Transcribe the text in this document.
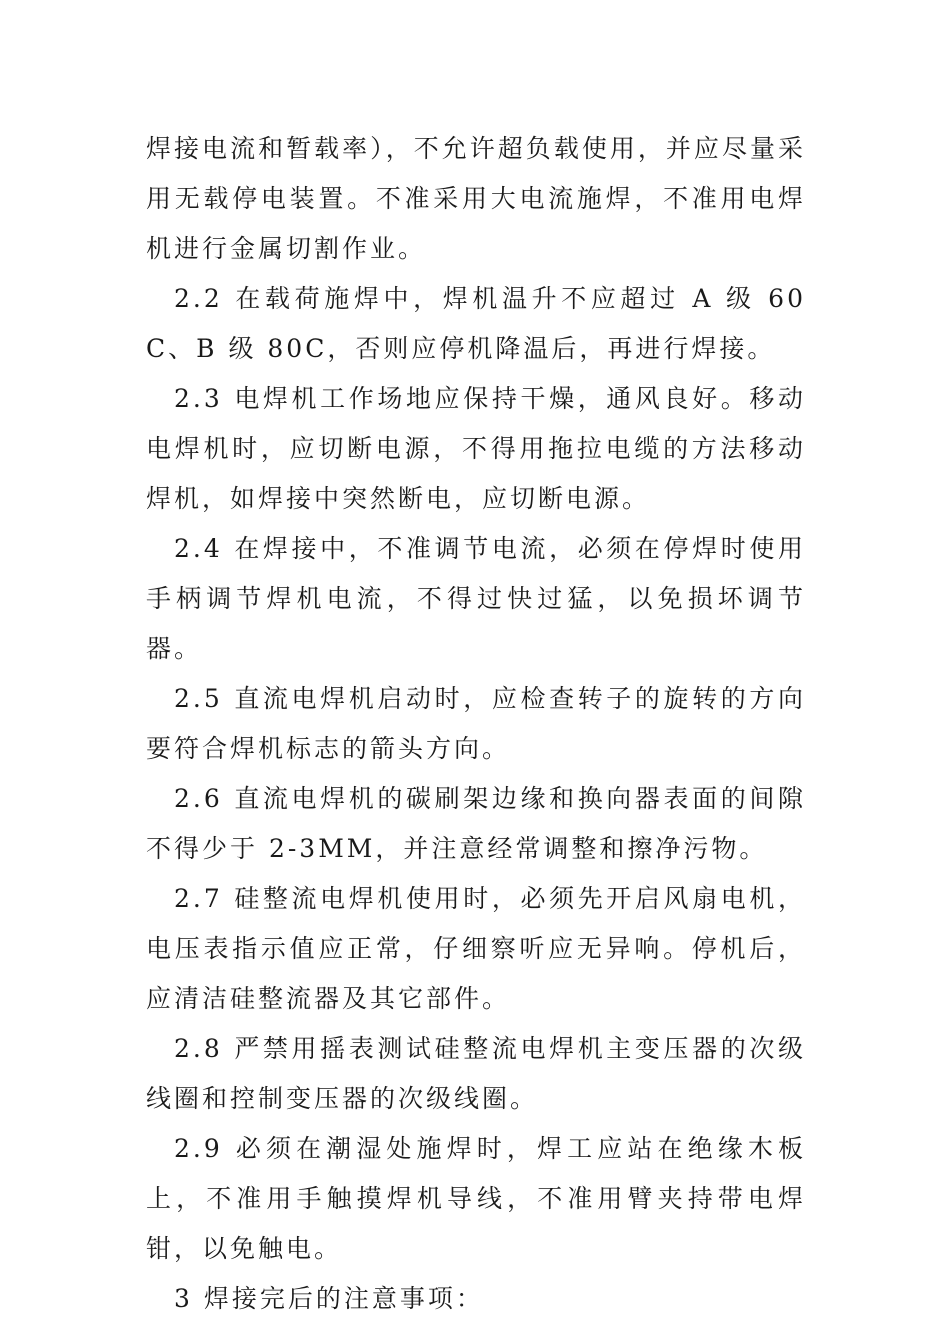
焊接电流和暂载率），不允许超负载使用，并应尽量采用无载停电装置。不准采用大电流施焊，不准用电焊机进行金属切割作业。

2.2 在载荷施焊中，焊机温升不应超过 A 级 60C、B 级 80C，否则应停机降温后，再进行焊接。

2.3 电焊机工作场地应保持干燥，通风良好。移动电焊机时，应切断电源，不得用拖拉电缆的方法移动焊机，如焊接中突然断电，应切断电源。

2.4 在焊接中，不准调节电流，必须在停焊时使用手柄调节焊机电流，不得过快过猛，以免损坏调节器。

2.5 直流电焊机启动时，应检查转子的旋转的方向要符合焊机标志的箭头方向。

2.6 直流电焊机的碳刷架边缘和换向器表面的间隙不得少于 2-3MM，并注意经常调整和擦净污物。

2.7 硅整流电焊机使用时，必须先开启风扇电机，电压表指示值应正常，仔细察听应无异响。停机后，应清洁硅整流器及其它部件。

2.8 严禁用摇表测试硅整流电焊机主变压器的次级线圈和控制变压器的次级线圈。

2.9 必须在潮湿处施焊时，焊工应站在绝缘木板上，不准用手触摸焊机导线，不准用臂夹持带电焊钳，以免触电。

3 焊接完后的注意事项：
